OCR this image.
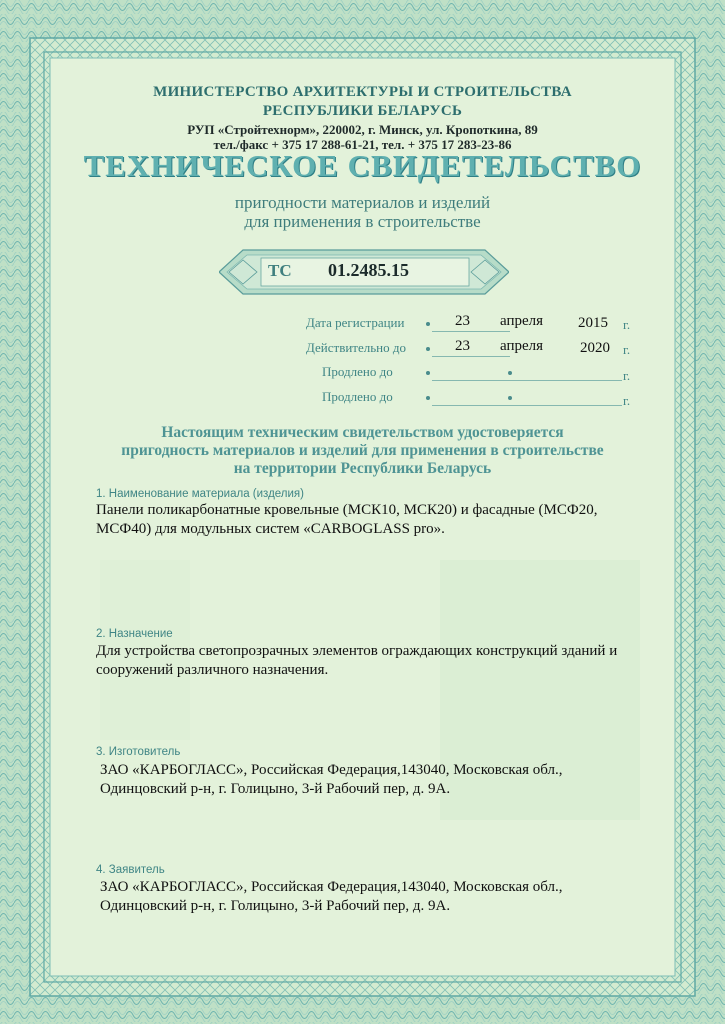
МИНИСТЕРСТВО АРХИТЕКТУРЫ И СТРОИТЕЛЬСТВА
РЕСПУБЛИКИ БЕЛАРУСЬ
РУП «Стройтехнорм», 220002, г. Минск, ул. Кропоткина, 89
тел./факс + 375 17 288-61-21, тел. + 375 17 283-23-86
ТЕХНИЧЕСКОЕ СВИДЕТЕЛЬСТВО
пригодности материалов и изделий
для применения в строительстве
ТС 01.2485.15
Дата регистрации	23 апреля 2015 г.
Действительно до	23 апреля 2020 г.
Продлено до	г.
Продлено до	г.
Настоящим техническим свидетельством удостоверяется
пригодность материалов и изделий для применения в строительстве
на территории Республики Беларусь
1. Наименование материала (изделия)
Панели поликарбонатные кровельные (МСК10, МСК20) и фасадные (МСФ20,
МСФ40) для модульных систем «CARBOGLASS pro».
2. Назначение
Для устройства светопрозрачных элементов ограждающих конструкций зданий и
сооружений различного назначения.
3. Изготовитель
ЗАО «КАРБОГЛАСС», Российская Федерация,143040, Московская обл.,
Одинцовский р-н, г. Голицыно, 3-й Рабочий пер, д. 9А.
4. Заявитель
ЗАО «КАРБОГЛАСС», Российская Федерация,143040, Московская обл.,
Одинцовский р-н, г. Голицыно, 3-й Рабочий пер, д. 9А.
